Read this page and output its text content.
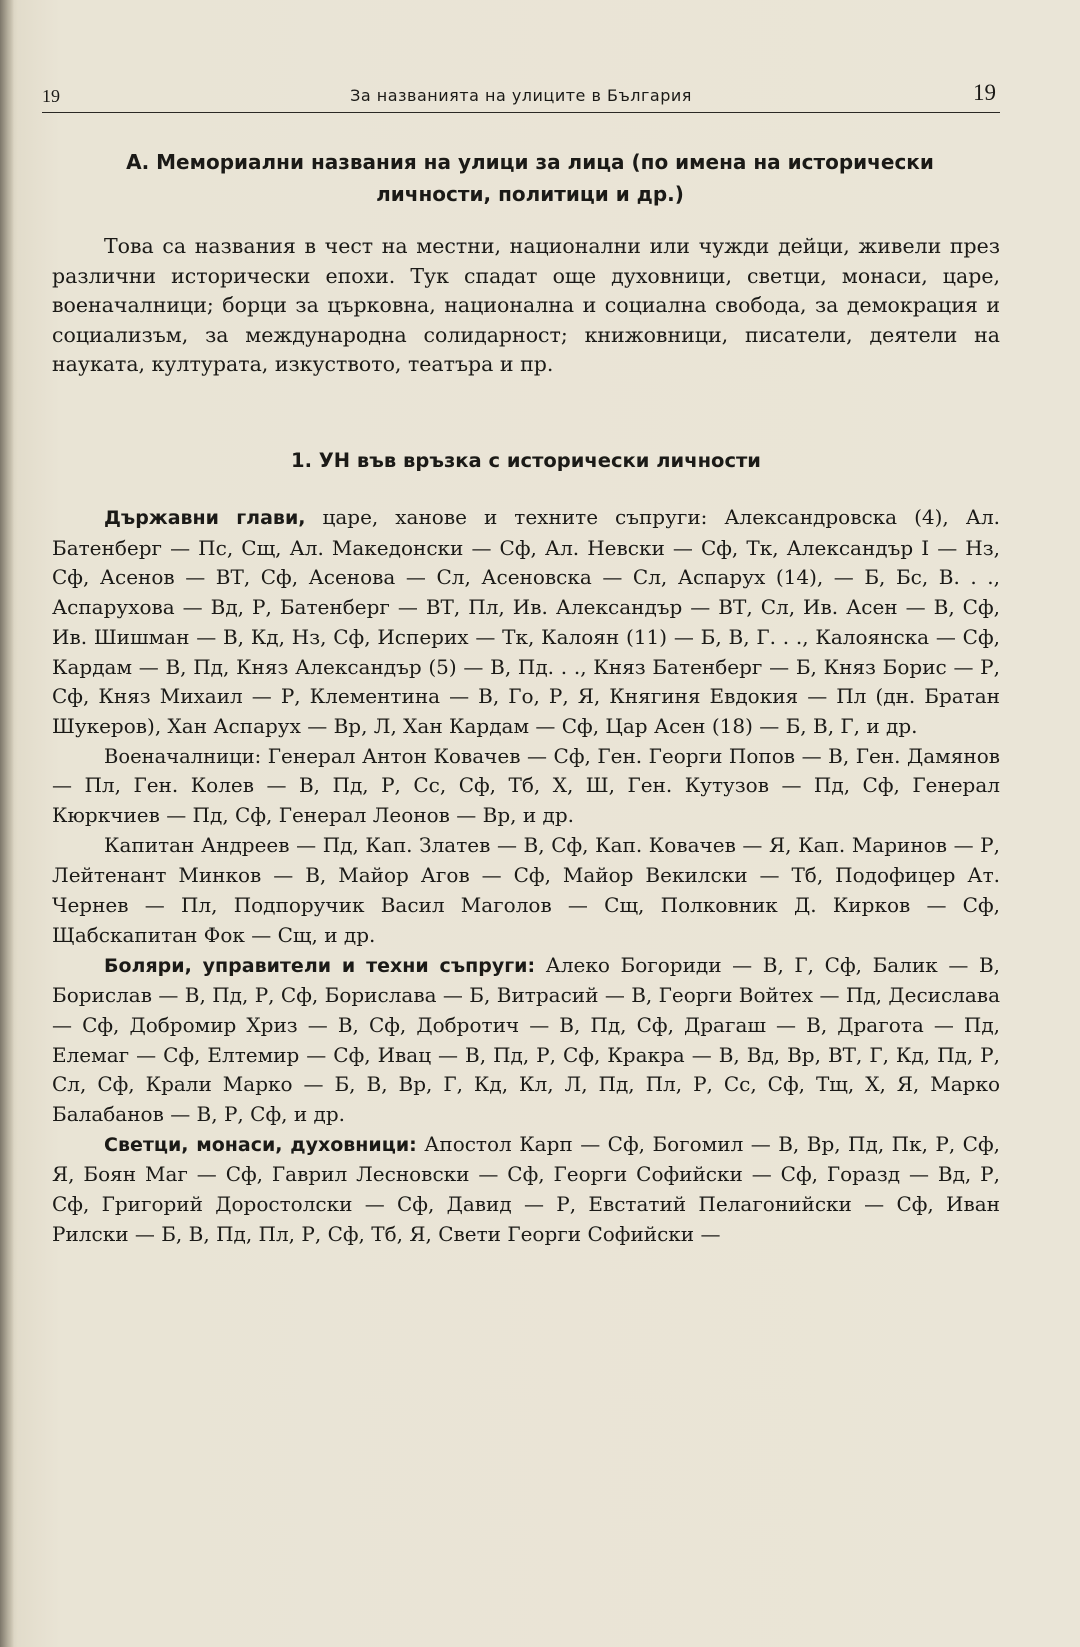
19	За названията на улиците в България	19
А. Мемориални названия на улици за лица (по имена на исторически личности, политици и др.)

Това са названия в чест на местни, национални или чужди дейци, живели през различни исторически епохи. Тук спадат още духовници, светци, монаси, царе, военачалници; борци за църковна, национална и социална свобода, за демокрация и социализъм, за международна солидарност; книжовници, писатели, деятели на науката, културата, изкуството, театъра и пр.

1. УН във връзка с исторически личности

Държавни глави, царе, ханове и техните съпруги: Александровска (4), Ал. Батенберг — Пс, Сщ, Ал. Македонски — Сф, Ал. Невски — Сф, Тк, Александър I — Нз, Сф, Асенов — ВТ, Сф, Асенова — Сл, Асеновска — Сл, Аспарух (14), — Б, Бс, В. . ., Аспарухова — Вд, Р, Батенберг — ВТ, Пл, Ив. Александър — ВТ, Сл, Ив. Асен — В, Сф, Ив. Шишман — В, Кд, Нз, Сф, Исперих — Тк, Калоян (11) — Б, В, Г. . ., Калоянска — Сф, Кардам — В, Пд, Княз Александър (5) — В, Пд. . ., Княз Батенберг — Б, Княз Борис — Р, Сф, Княз Михаил — Р, Клементина — В, Го, Р, Я, Княгиня Евдокия — Пл (дн. Братан Шукеров), Хан Аспарух — Вр, Л, Хан Кардам — Сф, Цар Асен (18) — Б, В, Г, и др.

Военачалници: Генерал Антон Ковачев — Сф, Ген. Георги Попов — В, Ген. Дамянов — Пл, Ген. Колев — В, Пд, Р, Сс, Сф, Тб, Х, Ш, Ген. Кутузов — Пд, Сф, Генерал Кюркчиев — Пд, Сф, Генерал Леонов — Вр, и др.

Капитан Андреев — Пд, Кап. Златев — В, Сф, Кап. Ковачев — Я, Кап. Маринов — Р, Лейтенант Минков — В, Майор Агов — Сф, Майор Векилски — Тб, Подофицер Ат. Чернев — Пл, Подпоручик Васил Маголов — Сщ, Полковник Д. Кирков — Сф, Щабскапитан Фок — Сщ, и др.

Боляри, управители и техни съпруги: Алеко Богориди — В, Г, Сф, Балик — В, Борислав — В, Пд, Р, Сф, Борислава — Б, Витрасий — В, Георги Войтех — Пд, Десислава — Сф, Добромир Хриз — В, Сф, Добротич — В, Пд, Сф, Драгаш — В, Драгота — Пд, Елемаг — Сф, Елтемир — Сф, Ивац — В, Пд, Р, Сф, Кракра — В, Вд, Вр, ВТ, Г, Кд, Пд, Р, Сл, Сф, Крали Марко — Б, В, Вр, Г, Кд, Кл, Л, Пд, Пл, Р, Сс, Сф, Тщ, Х, Я, Марко Балабанов — В, Р, Сф, и др.

Светци, монаси, духовници: Апостол Карп — Сф, Богомил — В, Вр, Пд, Пк, Р, Сф, Я, Боян Маг — Сф, Гаврил Лесновски — Сф, Георги Софийски — Сф, Горазд — Вд, Р, Сф, Григорий Доростолски — Сф, Давид — Р, Евстатий Пелагонийски — Сф, Иван Рилски — Б, В, Пд, Пл, Р, Сф, Тб, Я, Свети Георги Софийски —
